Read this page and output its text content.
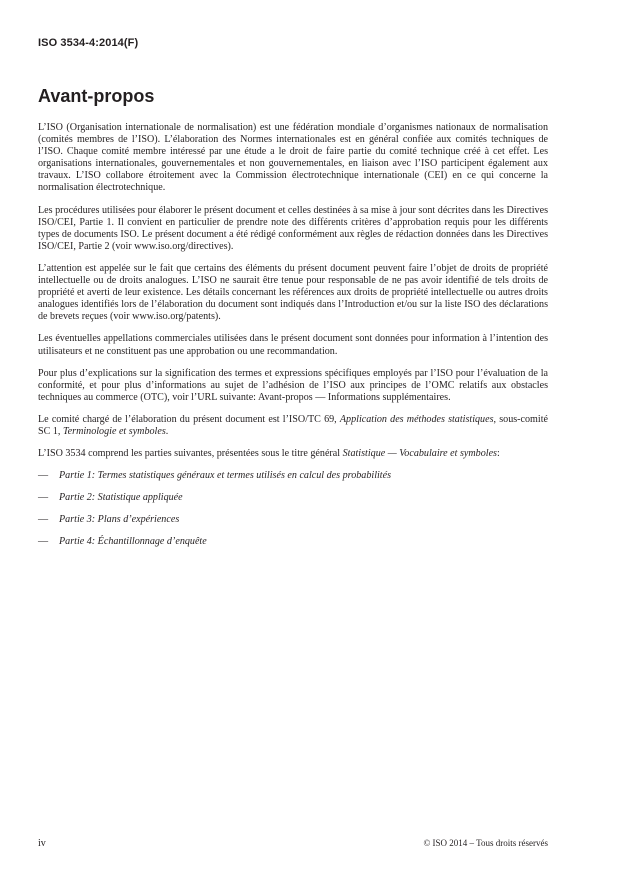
ISO 3534-4:2014(F)
Avant-propos

L’ISO (Organisation internationale de normalisation) est une fédération mondiale d’organismes nationaux de normalisation (comités membres de l’ISO). L’élaboration des Normes internationales est en général confiée aux comités techniques de l’ISO. Chaque comité membre intéressé par une étude a le droit de faire partie du comité technique créé à cet effet. Les organisations internationales, gouvernementales et non gouvernementales, en liaison avec l’ISO participent également aux travaux. L’ISO collabore étroitement avec la Commission électrotechnique internationale (CEI) en ce qui concerne la normalisation électrotechnique.

Les procédures utilisées pour élaborer le présent document et celles destinées à sa mise à jour sont décrites dans les Directives ISO/CEI, Partie 1. Il convient en particulier de prendre note des différents critères d’approbation requis pour les différents types de documents ISO. Le présent document a été rédigé conformément aux règles de rédaction données dans les Directives ISO/CEI, Partie 2 (voir www.iso.org/directives).

L’attention est appelée sur le fait que certains des éléments du présent document peuvent faire l’objet de droits de propriété intellectuelle ou de droits analogues. L’ISO ne saurait être tenue pour responsable de ne pas avoir identifié de tels droits de propriété et averti de leur existence. Les détails concernant les références aux droits de propriété intellectuelle ou autres droits analogues identifiés lors de l’élaboration du document sont indiqués dans l’Introduction et/ou sur la liste ISO des déclarations de brevets reçues (voir www.iso.org/patents).

Les éventuelles appellations commerciales utilisées dans le présent document sont données pour information à l’intention des utilisateurs et ne constituent pas une approbation ou une recommandation.

Pour plus d’explications sur la signification des termes et expressions spécifiques employés par l’ISO pour l’évaluation de la conformité, et pour plus d’informations au sujet de l’adhésion de l’ISO aux principes de l’OMC relatifs aux obstacles techniques au commerce (OTC), voir l’URL suivante: Avant-propos — Informations supplémentaires.

Le comité chargé de l’élaboration du présent document est l’ISO/TC 69, Application des méthodes statistiques, sous-comité SC 1, Terminologie et symboles.

L’ISO 3534 comprend les parties suivantes, présentées sous le titre général Statistique — Vocabulaire et symboles:

—	Partie 1: Termes statistiques généraux et termes utilisés en calcul des probabilités
—	Partie 2: Statistique appliquée
—	Partie 3: Plans d’expériences
—	Partie 4: Échantillonnage d’enquête
iv	© ISO 2014 – Tous droits réservés
